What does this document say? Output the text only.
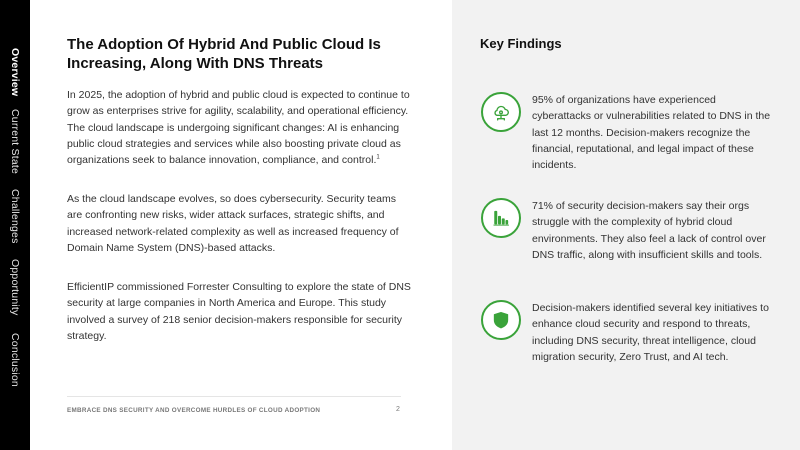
Overview
Current State
Challenges
Opportunity
Conclusion
The Adoption Of Hybrid And Public Cloud Is Increasing, Along With DNS Threats

In 2025, the adoption of hybrid and public cloud is expected to continue to grow as enterprises strive for agility, scalability, and operational efficiency. The cloud landscape is undergoing significant changes: AI is enhancing public cloud strategies and services while also boosting private cloud as organizations seek to balance innovation, compliance, and control.$^1$

As the cloud landscape evolves, so does cybersecurity. Security teams are confronting new risks, wider attack surfaces, strategic shifts, and increased network-related complexity as well as increased frequency of Domain Name System (DNS)-based attacks.

EfficientIP commissioned Forrester Consulting to explore the state of DNS security at large companies in North America and Europe. This study involved a survey of 218 senior decision-makers responsible for security strategy.

EMBRACE DNS SECURITY AND OVERCOME HURDLES OF CLOUD ADOPTION	2
Key Findings

95% of organizations have experienced cyberattacks or vulnerabilities related to DNS in the last 12 months. Decision-makers recognize the financial, reputational, and legal impact of these incidents.

71% of security decision-makers say their orgs struggle with the complexity of hybrid cloud environments. They also feel a lack of control over DNS traffic, along with insufficient skills and tools.

Decision-makers identified several key initiatives to enhance cloud security and respond to threats, including DNS security, threat intelligence, cloud migration security, Zero Trust, and AI tech.
